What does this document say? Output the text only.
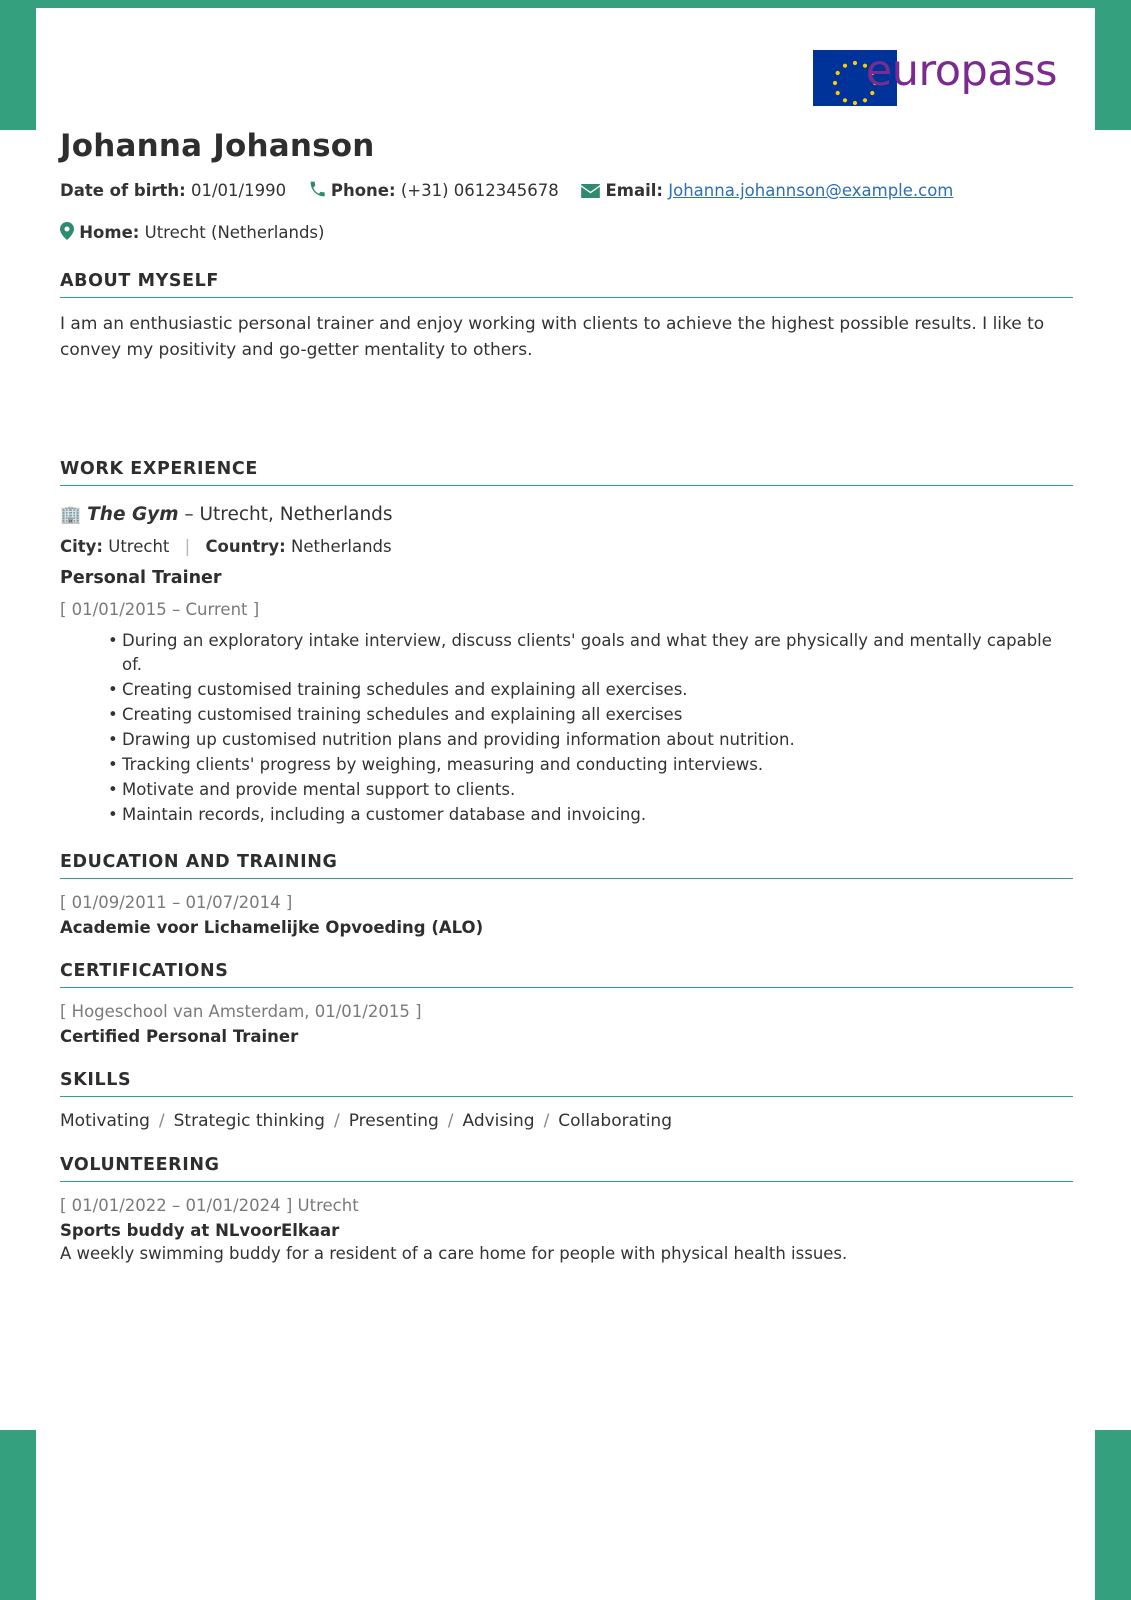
europass
Johanna Johanson
Date of birth: 01/01/1990	Phone: (+31) 0612345678	Email: Johanna.johannson@example.com
Home: Utrecht (Netherlands)
ABOUT MYSELF

I am an enthusiastic personal trainer and enjoy working with clients to achieve the highest possible results. I like to convey my positivity and go-getter mentality to others.

WORK EXPERIENCE

🏢 The Gym – Utrecht, Netherlands

City: Utrecht | Country: Netherlands

Personal Trainer

[ 01/01/2015 – Current ]

• During an exploratory intake interview, discuss clients' goals and what they are physically and mentally capable of.
• Creating customised training schedules and explaining all exercises.
• Creating customised training schedules and explaining all exercises
• Drawing up customised nutrition plans and providing information about nutrition.
• Tracking clients' progress by weighing, measuring and conducting interviews.
• Motivate and provide mental support to clients.
• Maintain records, including a customer database and invoicing.
EDUCATION AND TRAINING

[ 01/09/2011 – 01/07/2014 ]

Academie voor Lichamelijke Opvoeding (ALO)

CERTIFICATIONS

[ Hogeschool van Amsterdam, 01/01/2015 ]

Certified Personal Trainer

SKILLS

Motivating / Strategic thinking / Presenting / Advising / Collaborating

VOLUNTEERING

[ 01/01/2022 – 01/01/2024 ] Utrecht

Sports buddy at NLvoorElkaar

A weekly swimming buddy for a resident of a care home for people with physical health issues.
